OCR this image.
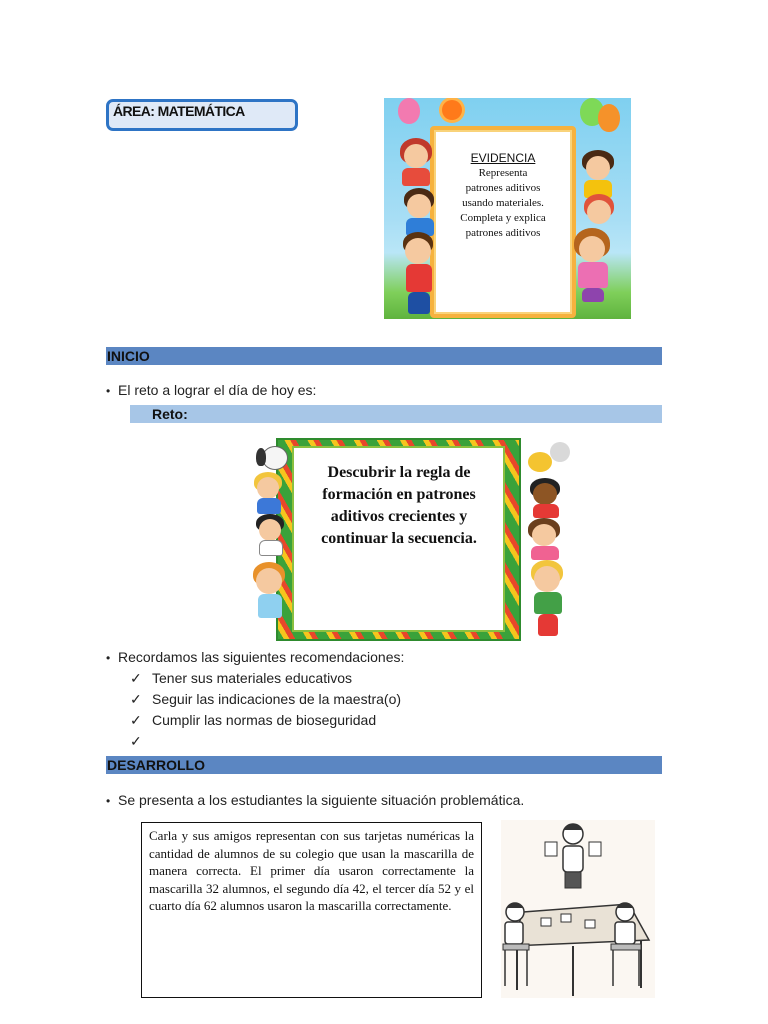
ÁREA: MATEMÁTICA
EVIDENCIA
Representa
patrones aditivos
usando materiales.
Completa y explica
patrones aditivos
INICIO
• El reto a lograr el día de hoy es:
Reto:
Descubrir la regla de
formación en patrones
aditivos crecientes y
continuar la secuencia.
• Recordamos las siguientes recomendaciones:
✓ Tener sus materiales educativos
✓ Seguir las indicaciones de la maestra(o)
✓ Cumplir las normas de bioseguridad
✓
DESARROLLO
• Se presenta a los estudiantes la siguiente situación problemática.
Carla y sus amigos representan con sus tarjetas numéricas la cantidad de alumnos de su colegio que usan la mascarilla de manera correcta. El primer día usaron correctamente la mascarilla 32 alumnos, el segundo día 42, el tercer día 52 y el cuarto día 62 alumnos usaron la mascarilla correctamente.
